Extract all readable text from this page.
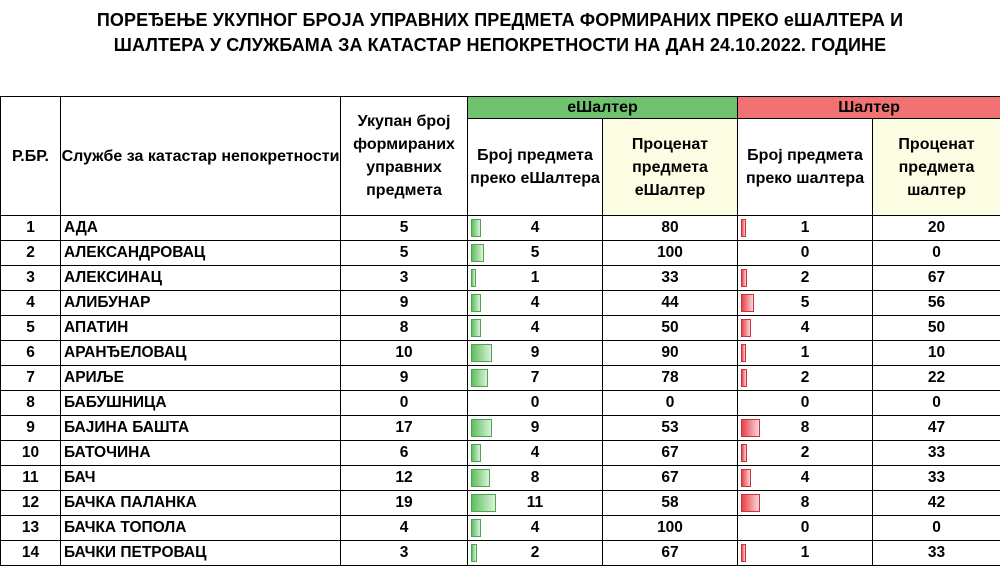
ПОРЕЂЕЊЕ УКУПНОГ БРОЈА УПРАВНИХ ПРЕДМЕТА ФОРМИРАНИХ ПРЕКО еШАЛТЕРА И
ШАЛТЕРА У СЛУЖБАМА ЗА КАТАСТАР НЕПОКРЕТНОСТИ НА ДАН 24.10.2022. ГОДИНЕ
Р.БР.	Службе за катастар непокретности	Укупан број формираних управних предмета	еШалтер		Шалтер	
			Број предмета преко еШалтера	Проценат предмета еШалтер	Број предмета преко шалтера	Проценат предмета шалтер
1	АДА	5	4	80	1	20
2	АЛЕКСАНДРОВАЦ	5	5	100	0	0
3	АЛЕКСИНАЦ	3	1	33	2	67
4	АЛИБУНАР	9	4	44	5	56
5	АПАТИН	8	4	50	4	50
6	АРАНЂЕЛОВАЦ	10	9	90	1	10
7	АРИЉЕ	9	7	78	2	22
8	БАБУШНИЦА	0	0	0	0	0
9	БАЈИНА БАШТА	17	9	53	8	47
10	БАТОЧИНА	6	4	67	2	33
11	БАЧ	12	8	67	4	33
12	БАЧКА ПАЛАНКА	19	11	58	8	42
13	БАЧКА ТОПОЛА	4	4	100	0	0
14	БАЧКИ ПЕТРОВАЦ	3	2	67	1	33
